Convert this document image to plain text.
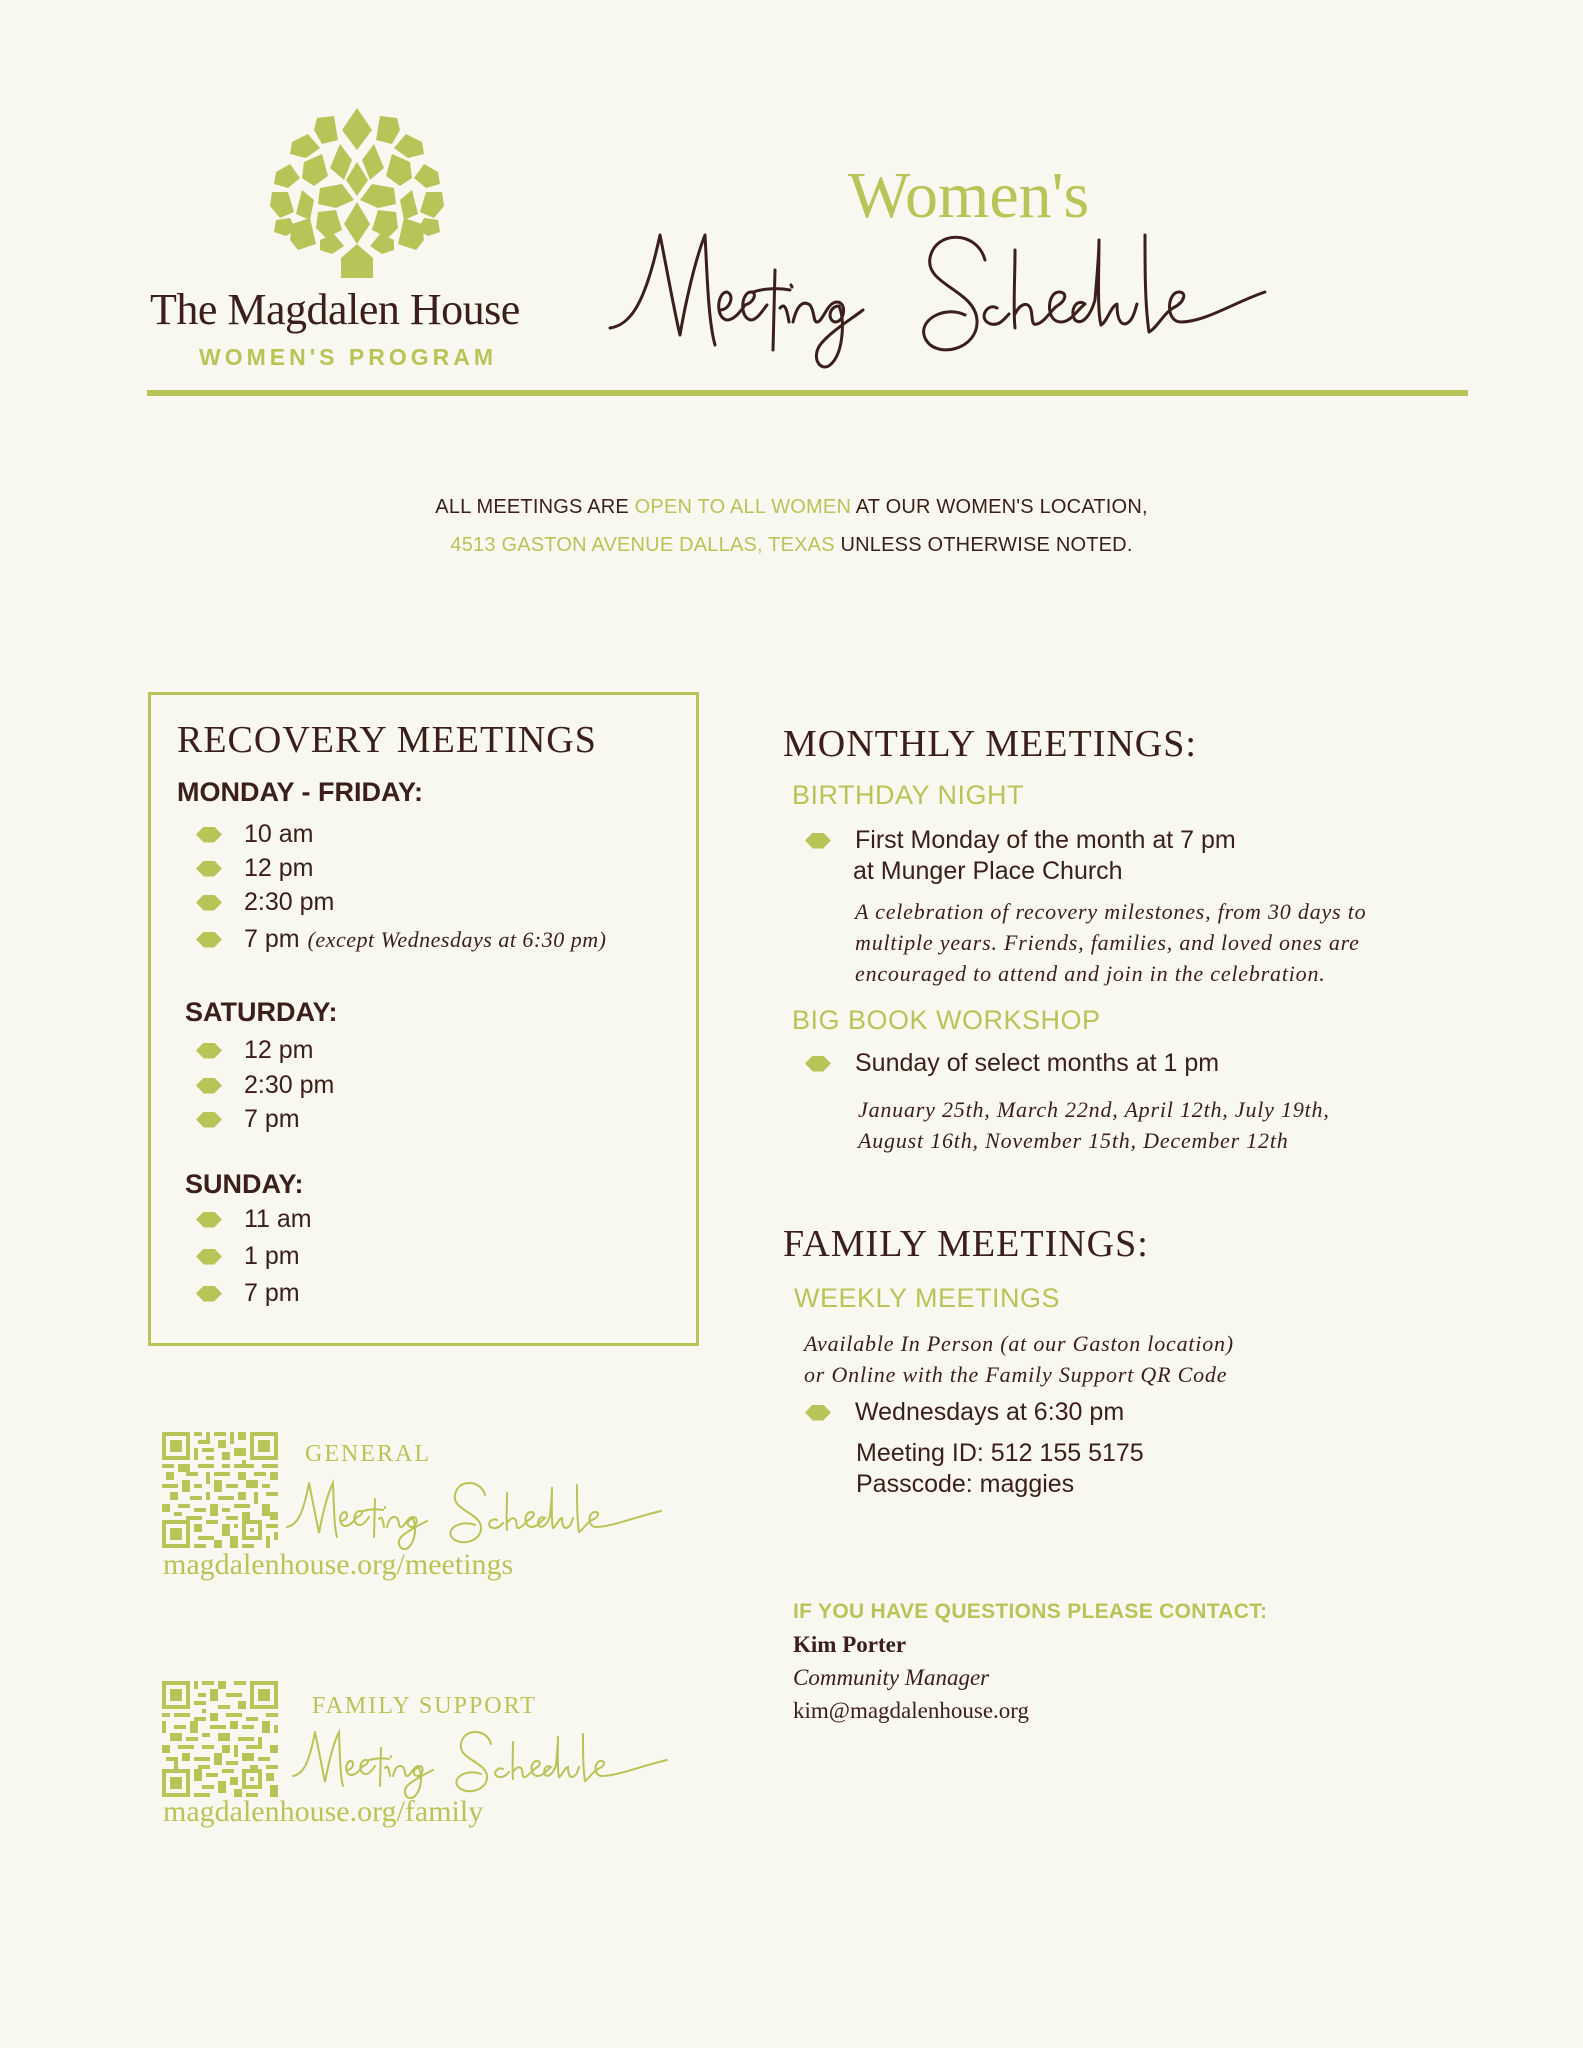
The Magdalen House
WOMEN'S PROGRAM
Women's
ALL MEETINGS ARE OPEN TO ALL WOMEN AT OUR WOMEN'S LOCATION,
4513 GASTON AVENUE DALLAS, TEXAS UNLESS OTHERWISE NOTED.
RECOVERY MEETINGS
MONDAY - FRIDAY:
10 am
12 pm
2:30 pm
7 pm (except Wednesdays at 6:30 pm)
SATURDAY:
12 pm
2:30 pm
7 pm
SUNDAY:
11 am
1 pm
7 pm
MONTHLY MEETINGS:
BIRTHDAY NIGHT
First Monday of the month at 7 pm
at Munger Place Church
A celebration of recovery milestones, from 30 days to
multiple years. Friends, families, and loved ones are
encouraged to attend and join in the celebration.
BIG BOOK WORKSHOP
Sunday of select months at 1 pm
January 25th, March 22nd, April 12th, July 19th,
August 16th, November 15th, December 12th
FAMILY MEETINGS:
WEEKLY MEETINGS
Available In Person (at our Gaston location)
or Online with the Family Support QR Code
Wednesdays at 6:30 pm
Meeting ID: 512 155 5175
Passcode: maggies
IF YOU HAVE QUESTIONS PLEASE CONTACT:
Kim Porter
Community Manager
kim@magdalenhouse.org
GENERAL
magdalenhouse.org/meetings
FAMILY SUPPORT
magdalenhouse.org/family
